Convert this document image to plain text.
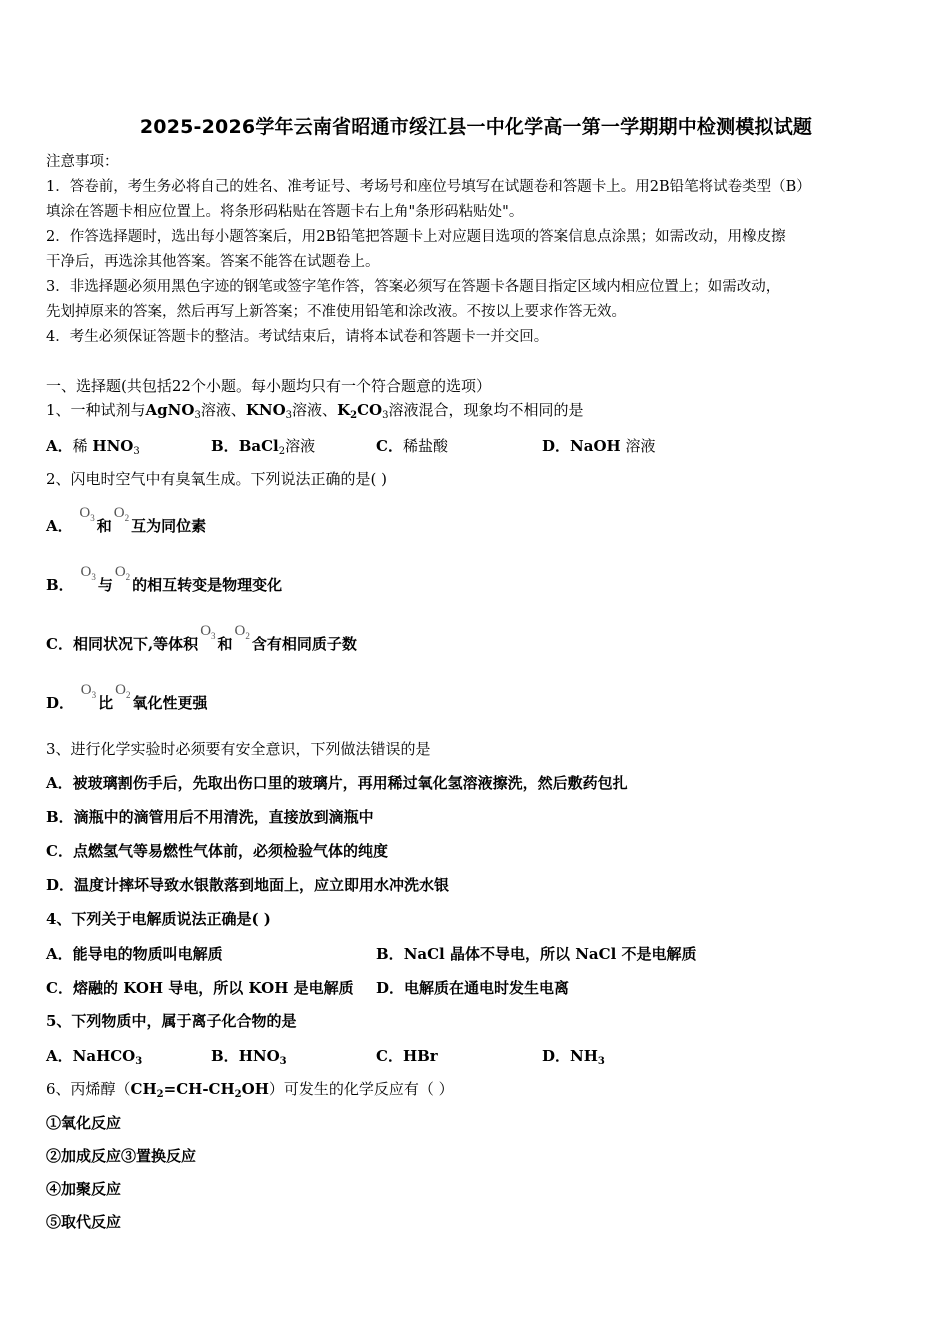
2025-2026学年云南省昭通市绥江县一中化学高一第一学期期中检测模拟试题
注意事项：
1．答卷前，考生务必将自己的姓名、准考证号、考场号和座位号填写在试题卷和答题卡上。用2B铅笔将试卷类型（B）
填涂在答题卡相应位置上。将条形码粘贴在答题卡右上角"条形码粘贴处"。
2．作答选择题时，选出每小题答案后，用2B铅笔把答题卡上对应题目选项的答案信息点涂黑；如需改动，用橡皮擦
干净后，再选涂其他答案。答案不能答在试题卷上。
3．非选择题必须用黑色字迹的钢笔或签字笔作答，答案必须写在答题卡各题目指定区域内相应位置上；如需改动，
先划掉原来的答案，然后再写上新答案；不准使用铅笔和涂改液。不按以上要求作答无效。
4．考生必须保证答题卡的整洁。考试结束后，请将本试卷和答题卡一并交回。
一、选择题(共包括22个小题。每小题均只有一个符合题意的选项）
1、一种试剂与AgNO$_3$溶液、$KNO_3$溶液、$K_2CO_3$溶液混合，现象均不相同的是
A．稀 $HNO_3$	B．BaCl$_2$溶液	C．稀盐酸	D．NaOH 溶液
2、闪电时空气中有臭氧生成。下列说法正确的是( )
A． $O_3$ 和$O_2$ 互为同位素
B． $O_3$ 与$O_2$ 的相互转变是物理变化
C．相同状况下,等体积$O_3$ 和$O_2$ 含有相同质子数
D． $O_3$ 比$O_2$ 氧化性更强
3、进行化学实验时必须要有安全意识，下列做法错误的是
A．被玻璃割伤手后，先取出伤口里的玻璃片，再用稀过氧化氢溶液擦洗，然后敷药包扎
B．滴瓶中的滴管用后不用清洗，直接放到滴瓶中
C．点燃氢气等易燃性气体前，必须检验气体的纯度
D．温度计摔坏导致水银散落到地面上，应立即用水冲洗水银
4、下列关于电解质说法正确是( )
A．能导电的物质叫电解质	B．NaCl 晶体不导电，所以 NaCl 不是电解质
C．熔融的 KOH 导电，所以 KOH 是电解质 D．电解质在通电时发生电离
5、下列物质中，属于离子化合物的是
A．NaHCO$_3$	B．$HNO_3$	C．HBr	D．$NH_3$
6、丙烯醇$(CH_2=CH-CH_2OH)$可发生的化学反应有（ ）
①氧化反应
②加成反应③置换反应
④加聚反应
⑤取代反应
